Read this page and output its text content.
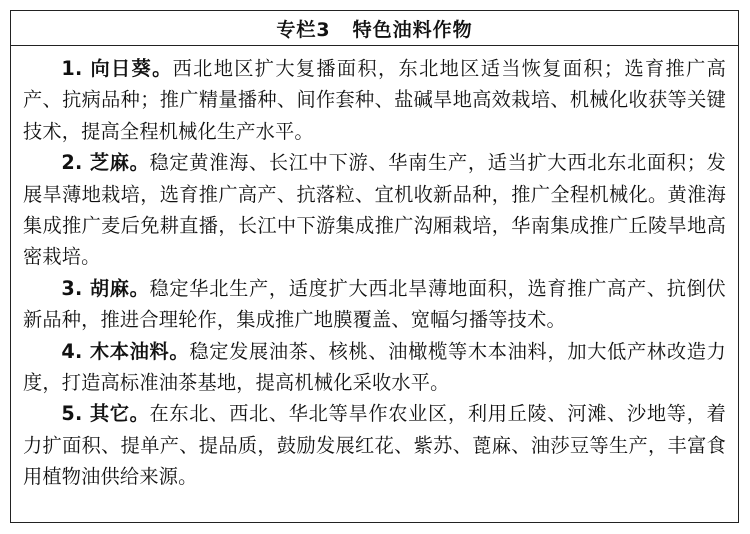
专栏3 特色油料作物

1. 向日葵。西北地区扩大复播面积，东北地区适当恢复面积；选育推广高产、抗病品种；推广精量播种、间作套种、盐碱旱地高效栽培、机械化收获等关键技术，提高全程机械化生产水平。

2. 芝麻。稳定黄淮海、长江中下游、华南生产，适当扩大西北东北面积；发展旱薄地栽培，选育推广高产、抗落粒、宜机收新品种，推广全程机械化。黄淮海集成推广麦后免耕直播，长江中下游集成推广沟厢栽培，华南集成推广丘陵旱地高密栽培。

3. 胡麻。稳定华北生产，适度扩大西北旱薄地面积，选育推广高产、抗倒伏新品种，推进合理轮作，集成推广地膜覆盖、宽幅匀播等技术。

4. 木本油料。稳定发展油茶、核桃、油橄榄等木本油料，加大低产林改造力度，打造高标准油茶基地，提高机械化采收水平。

5. 其它。在东北、西北、华北等旱作农业区，利用丘陵、河滩、沙地等，着力扩面积、提单产、提品质，鼓励发展红花、紫苏、蓖麻、油莎豆等生产，丰富食用植物油供给来源。
